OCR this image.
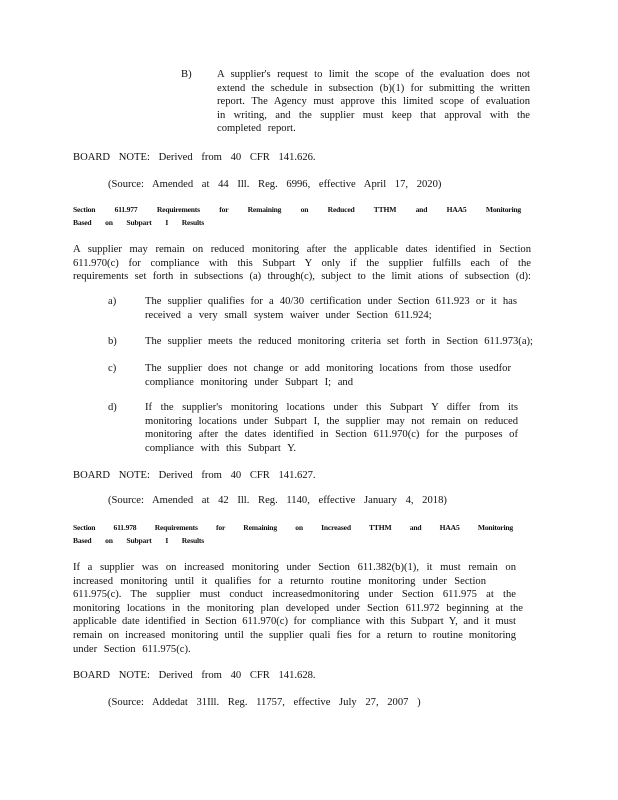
B) A supplier's request to limit the scope of the evaluation does not
extend the schedule in subsection (b)(1) for submitting the written
report. The Agency must approve this limited scope of evaluation
in writing, and the supplier must keep that approval with the
completed report.
BOARD NOTE: Derived from 40 CFR 141.626.
(Source: Amended at 44 Ill. Reg. 6996, effective April 17, 2020)
Section 611.977 Requirements for Remaining on Reduced TTHM and HAA5 Monitoring
Based on Subpart I Results
A supplier may remain on reduced monitoring after the applicable dates identified in Section
611.970(c) for compliance with this Subpart Y only if the supplier fulfills each of the
requirements set forth in subsections (a) through(c), subject to the limit ations of subsection (d):
a)	The supplier qualifies for a 40/30 certification under Section 611.923 or it has
received a very small system waiver under Section 611.924;
b)	The supplier meets the reduced monitoring criteria set forth in Section 611.973(a);
c)	The supplier does not change or add monitoring locations from those usedfor
compliance monitoring under Subpart I; and
d)	If the supplier's monitoring locations under this Subpart Y differ from its
monitoring locations under Subpart I, the supplier may not remain on reduced
monitoring after the dates identified in Section 611.970(c) for the purposes of
compliance with this Subpart Y.
BOARD NOTE: Derived from 40 CFR 141.627.
(Source: Amended at 42 Ill. Reg. 1140, effective January 4, 2018)
Section 611.978 Requirements for Remaining on Increased TTHM and HAA5 Monitoring
Based on Subpart I Results
If a supplier was on increased monitoring under Section 611.382(b)(1), it must remain on
increased monitoring until it qualifies for a returnto routine monitoring under Section
611.975(c). The supplier must conduct increasedmonitoring under Section 611.975 at the
monitoring locations in the monitoring plan developed under Section 611.972 beginning at the
applicable date identified in Section 611.970(c) for compliance with this Subpart Y, and it must
remain on increased monitoring until the supplier quali fies for a return to routine monitoring
under Section 611.975(c).
BOARD NOTE: Derived from 40 CFR 141.628.
(Source: Addedat 31Ill. Reg. 11757, effective July 27, 2007 )
